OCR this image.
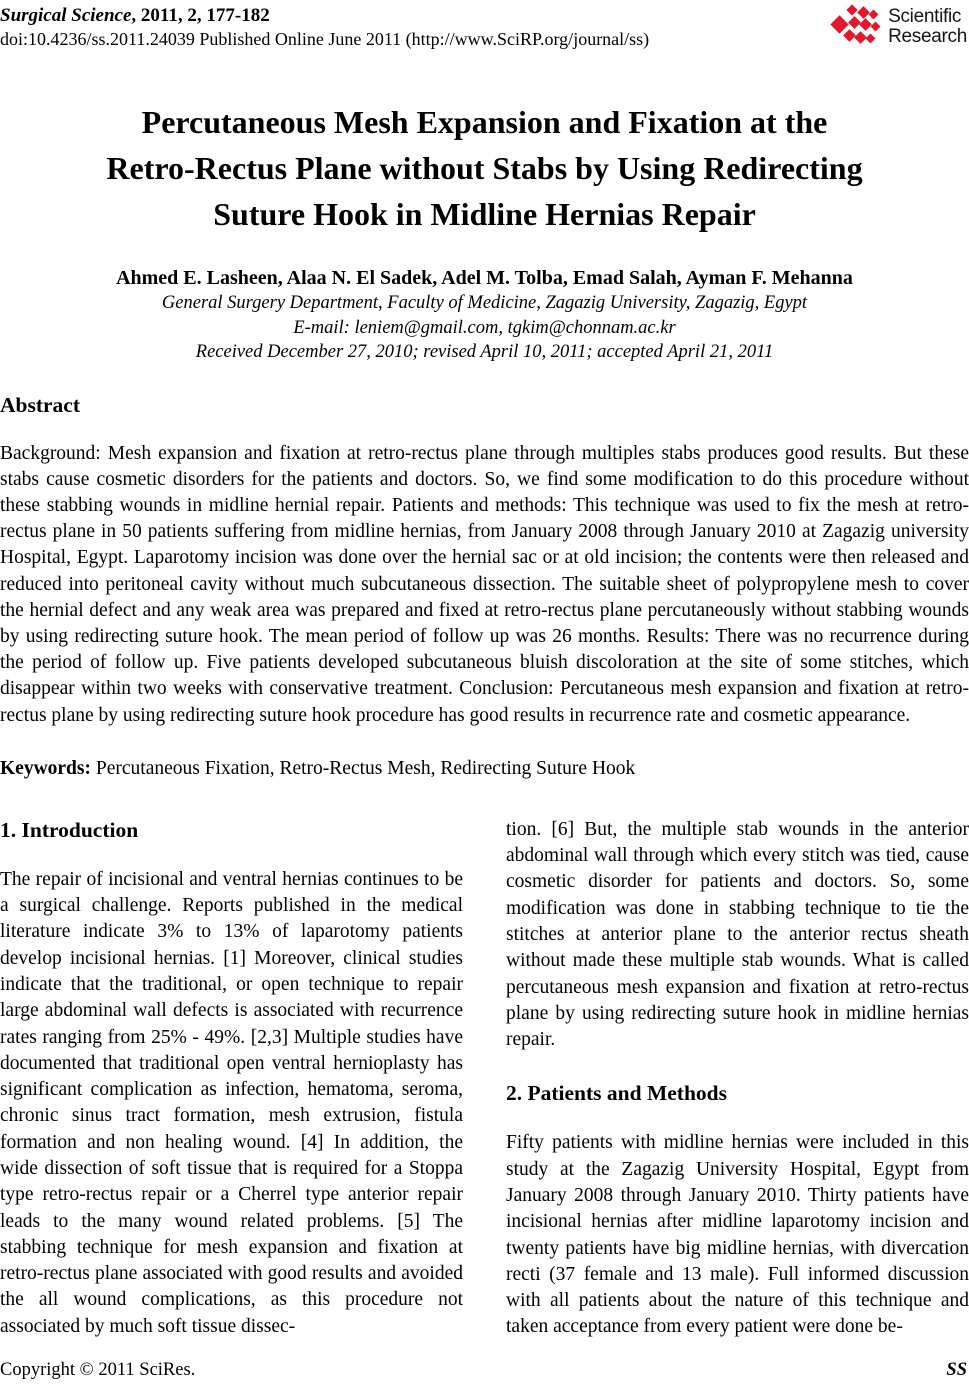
Surgical Science, 2011, 2, 177-182
doi:10.4236/ss.2011.24039 Published Online June 2011 (http://www.SciRP.org/journal/ss)
Scientific
Research
Percutaneous Mesh Expansion and Fixation at the
Retro-Rectus Plane without Stabs by Using Redirecting
Suture Hook in Midline Hernias Repair
Ahmed E. Lasheen, Alaa N. El Sadek, Adel M. Tolba, Emad Salah, Ayman F. Mehanna
General Surgery Department, Faculty of Medicine, Zagazig University, Zagazig, Egypt
E-mail: leniem@gmail.com, tgkim@chonnam.ac.kr
Received December 27, 2010; revised April 10, 2011; accepted April 21, 2011
Abstract
Background: Mesh expansion and fixation at retro-rectus plane through multiples stabs produces good results. But these stabs cause cosmetic disorders for the patients and doctors. So, we find some modification to do this procedure without these stabbing wounds in midline hernial repair. Patients and methods: This technique was used to fix the mesh at retro-rectus plane in 50 patients suffering from midline hernias, from January 2008 through January 2010 at Zagazig university Hospital, Egypt. Laparotomy incision was done over the hernial sac or at old incision; the contents were then released and reduced into peritoneal cavity without much subcutaneous dissection. The suitable sheet of polypropylene mesh to cover the hernial defect and any weak area was prepared and fixed at retro-rectus plane percutaneously without stabbing wounds by using redirecting suture hook. The mean period of follow up was 26 months. Results: There was no recurrence during the period of follow up. Five patients developed subcutaneous bluish discoloration at the site of some stitches, which disappear within two weeks with conservative treatment. Conclusion: Percutaneous mesh expansion and fixation at retro-rectus plane by using redirecting suture hook procedure has good results in recurrence rate and cosmetic appearance.
Keywords: Percutaneous Fixation, Retro-Rectus Mesh, Redirecting Suture Hook
1. Introduction

The repair of incisional and ventral hernias continues to be a surgical challenge. Reports published in the medical literature indicate 3% to 13% of laparotomy patients develop incisional hernias. [1] Moreover, clinical studies indicate that the traditional, or open technique to repair large abdominal wall defects is associated with recurrence rates ranging from 25% - 49%. [2,3] Multiple studies have documented that traditional open ventral hernioplasty has significant complication as infection, hematoma, seroma, chronic sinus tract formation, mesh extrusion, fistula formation and non healing wound. [4] In addition, the wide dissection of soft tissue that is required for a Stoppa type retro-rectus repair or a Cherrel type anterior repair leads to the many wound related problems. [5] The stabbing technique for mesh expansion and fixation at retro-rectus plane associated with good results and avoided the all wound complications, as this procedure not associated by much soft tissue dissec-

tion. [6] But, the multiple stab wounds in the anterior abdominal wall through which every stitch was tied, cause cosmetic disorder for patients and doctors. So, some modification was done in stabbing technique to tie the stitches at anterior plane to the anterior rectus sheath without made these multiple stab wounds. What is called percutaneous mesh expansion and fixation at retro-rectus plane by using redirecting suture hook in midline hernias repair.

2. Patients and Methods

Fifty patients with midline hernias were included in this study at the Zagazig University Hospital, Egypt from January 2008 through January 2010. Thirty patients have incisional hernias after midline laparotomy incision and twenty patients have big midline hernias, with divercation recti (37 female and 13 male). Full informed discussion with all patients about the nature of this technique and taken acceptance from every patient were done be-

Copyright © 2011 SciRes.	SS
